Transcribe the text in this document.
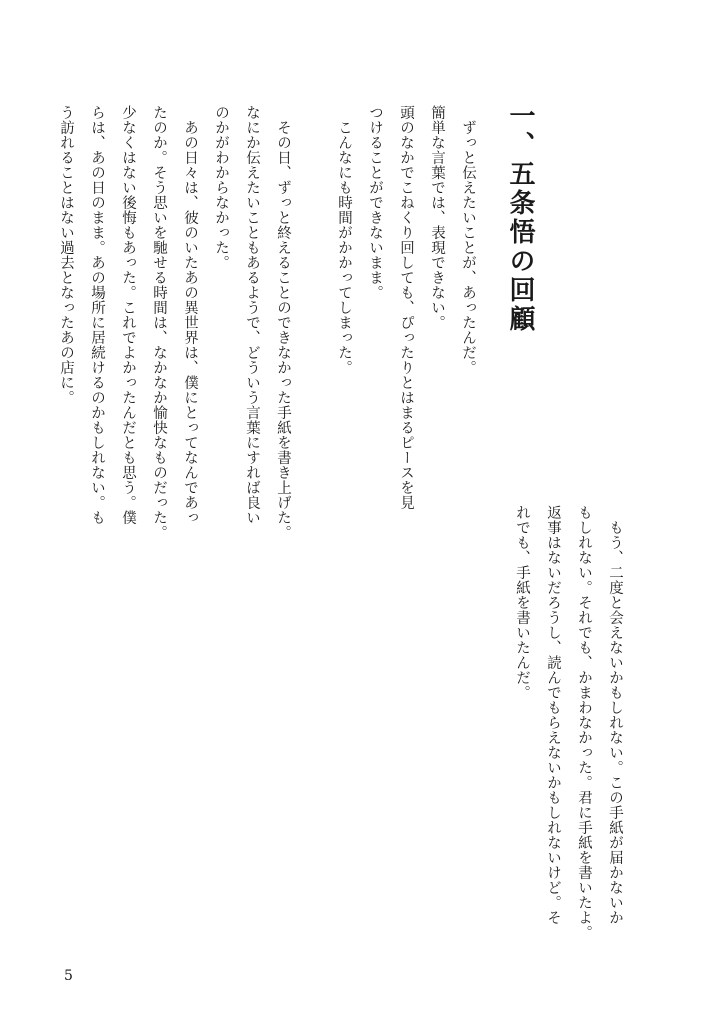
一、五条悟の回顧
　ずっと伝えたいことが、あったんだ。
簡単な言葉では、表現できない。
頭のなかでこねくり回しても、ぴったりとはまるピースを見
つけることができないまま。
　こんなにも時間がかかってしまった。
　その日、ずっと終えることのできなかった手紙を書き上げた。
なにか伝えたいこともあるようで、どういう言葉にすれば良い
のかがわからなかった。
　あの日々は、彼のいたあの異世界は、僕にとってなんであっ
たのか。そう思いを馳せる時間は、なかなか愉快なものだった。
少なくはない後悔もあった。これでよかったんだとも思う。僕
らは、あの日のまま。あの場所に居続けるのかもしれない。も
う訪れることはない過去となったあの店に。
　もう、二度と会えないかもしれない。この手紙が届かないか
もしれない。それでも、かまわなかった。君に手紙を書いたよ。
返事はないだろうし、読んでもらえないかもしれないけど。そ
れでも、手紙を書いたんだ。
5
